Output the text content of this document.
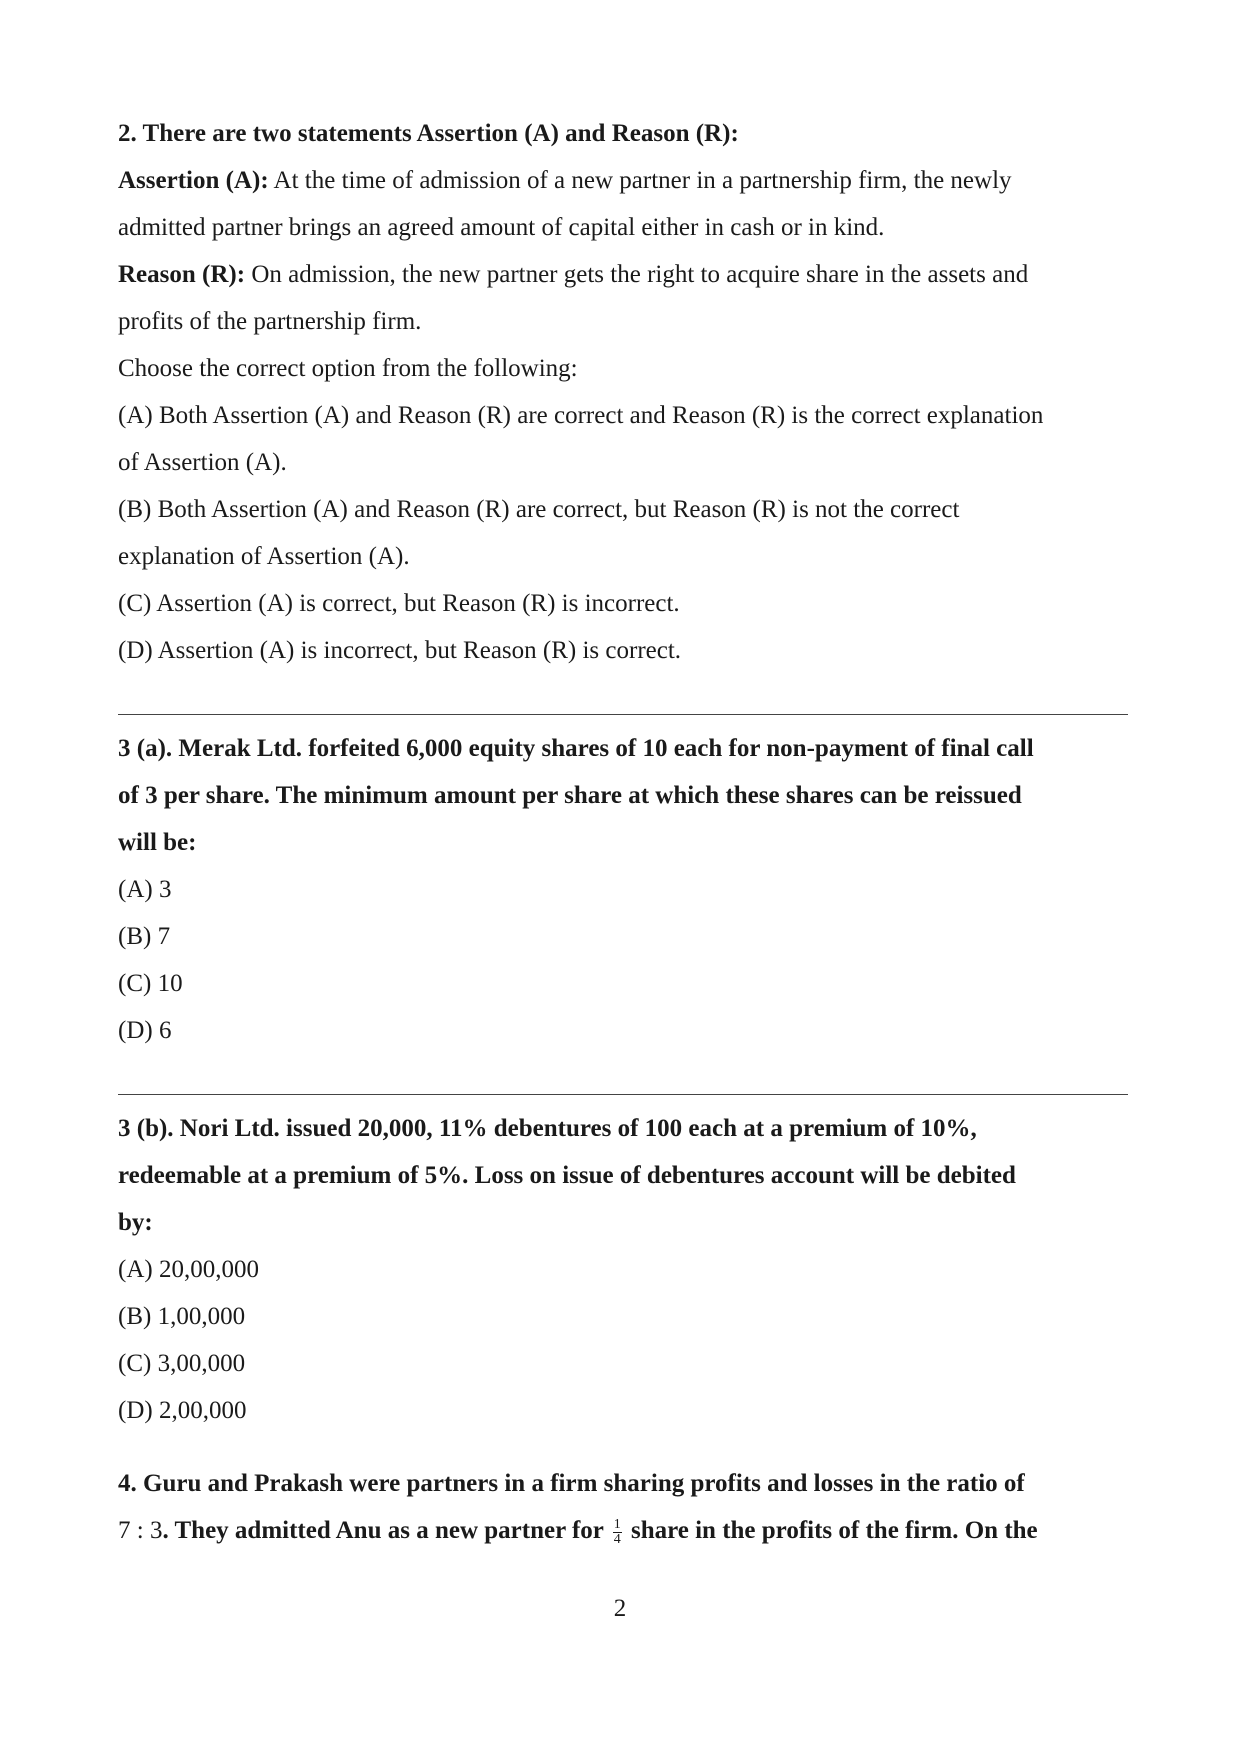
2. There are two statements Assertion (A) and Reason (R):
Assertion (A): At the time of admission of a new partner in a partnership firm, the newly
admitted partner brings an agreed amount of capital either in cash or in kind.
Reason (R): On admission, the new partner gets the right to acquire share in the assets and
profits of the partnership firm.
Choose the correct option from the following:
(A) Both Assertion (A) and Reason (R) are correct and Reason (R) is the correct explanation
of Assertion (A).
(B) Both Assertion (A) and Reason (R) are correct, but Reason (R) is not the correct
explanation of Assertion (A).
(C) Assertion (A) is correct, but Reason (R) is incorrect.
(D) Assertion (A) is incorrect, but Reason (R) is correct.
3 (a). Merak Ltd. forfeited 6,000 equity shares of 10 each for non-payment of final call
of 3 per share. The minimum amount per share at which these shares can be reissued
will be:
(A) 3
(B) 7
(C) 10
(D) 6
3 (b). Nori Ltd. issued 20,000, 11% debentures of 100 each at a premium of 10%,
redeemable at a premium of 5%. Loss on issue of debentures account will be debited
by:
(A) 20,00,000
(B) 1,00,000
(C) 3,00,000
(D) 2,00,000
4. Guru and Prakash were partners in a firm sharing profits and losses in the ratio of
7 : 3. They admitted Anu as a new partner for $\frac{1}{4}$ share in the profits of the firm. On the
2
